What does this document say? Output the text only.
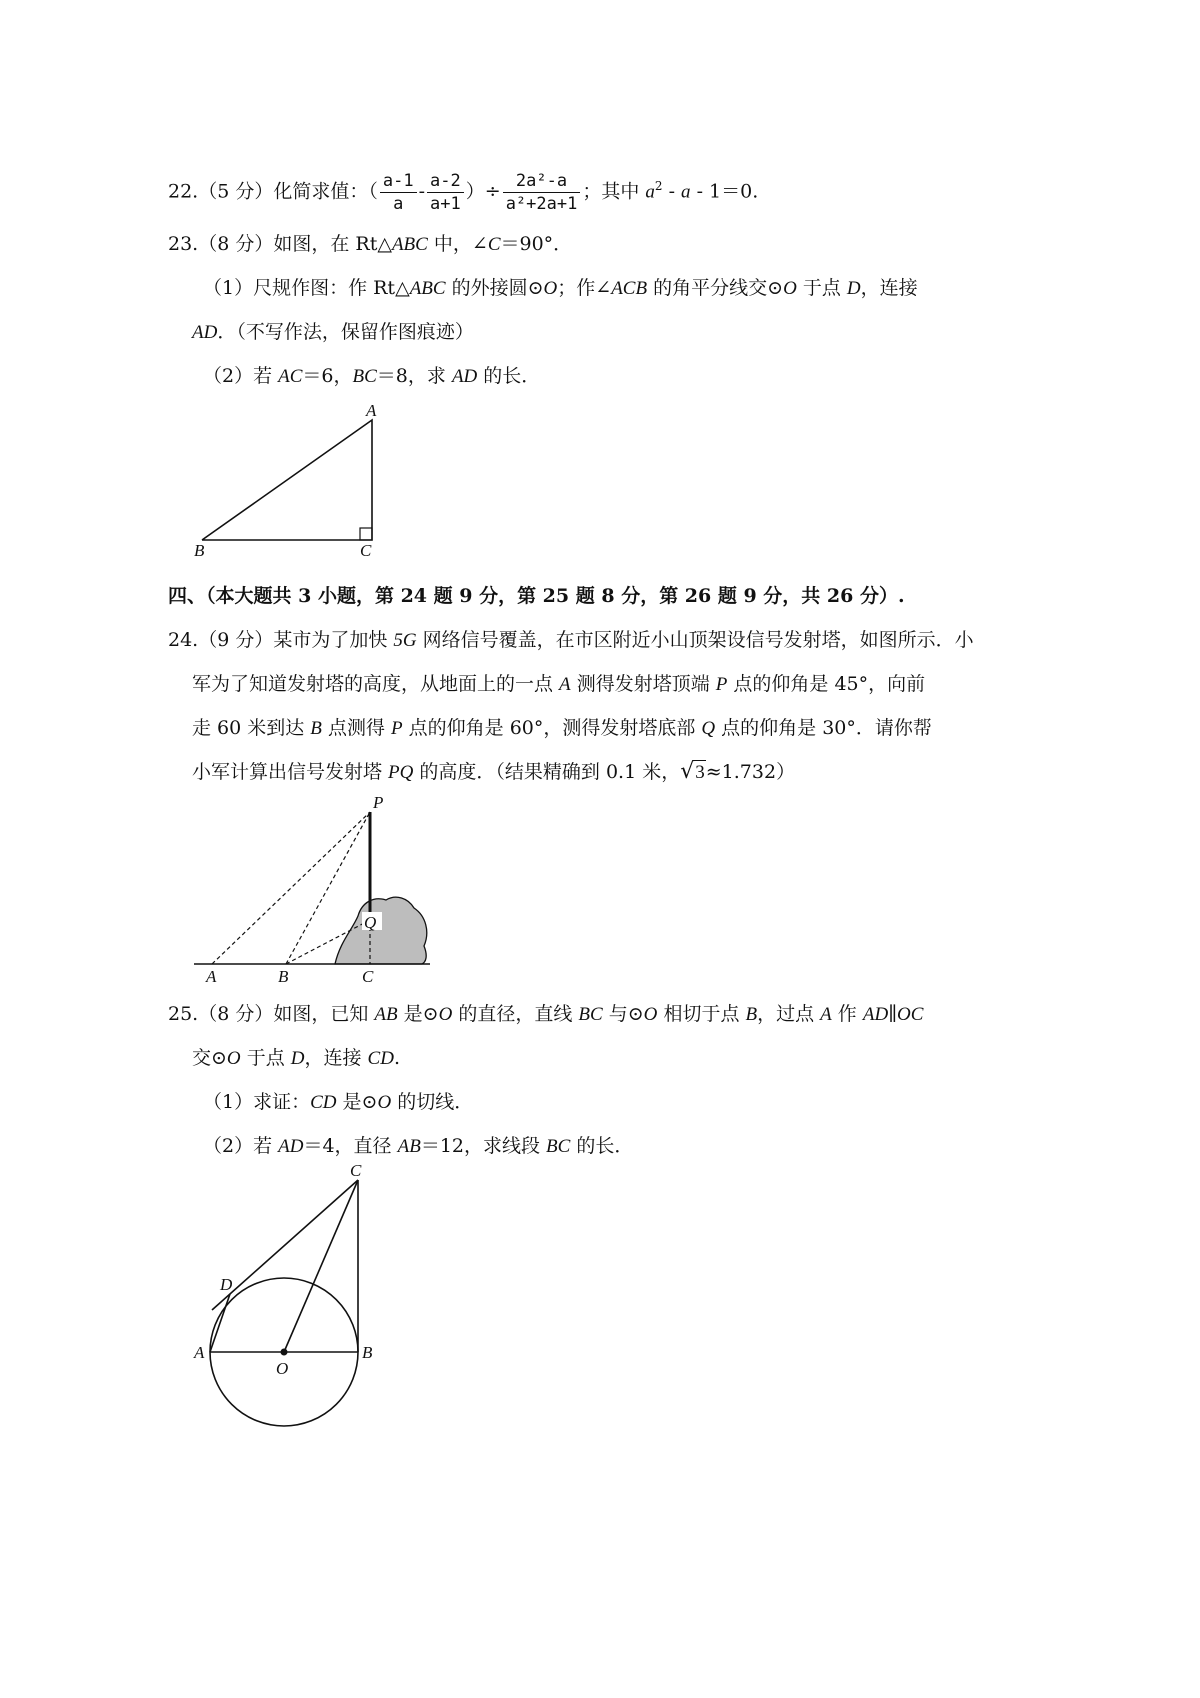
22.（5 分）化简求值：（ $\frac{a-1}{a} - \frac{a-2}{a+1}$ ）÷ $\frac{\text{2a²-a}}{\text{a²+2a+1}}$ ；其中 $a^2 - a - 1=0$.
23.（8 分）如图，在 Rt△ABC 中，∠C＝90°．
（1）尺规作图：作 Rt△ABC 的外接圆⊙O；作∠ACB 的角平分线交⊙O 于点 D，连接
AD．（不写作法，保留作图痕迹）
（2）若 AC＝6，BC＝8，求 AD 的长．
A
B	C
四、（本大题共 3 小题，第 24 题 9 分，第 25 题 8 分，第 26 题 9 分，共 26 分）.
24.（9 分）某市为了加快 5G 网络信号覆盖，在市区附近小山顶架设信号发射塔，如图所示．小
军为了知道发射塔的高度，从地面上的一点 A 测得发射塔顶端 P 点的仰角是 45°，向前
走 60 米到达 B 点测得 P 点的仰角是 60°，测得发射塔底部 Q 点的仰角是 30°．请你帮
小军计算出信号发射塔 PQ 的高度．（结果精确到 0.1 米，√3≈1.732）
P
Q
A	B	C
25.（8 分）如图，已知 AB 是⊙O 的直径，直线 BC 与⊙O 相切于点 B，过点 A 作 AD∥OC
交⊙O 于点 D，连接 CD.
（1）求证：CD 是⊙O 的切线．
（2）若 AD＝4，直径 AB＝12，求线段 BC 的长．
C
D
A
O
B
